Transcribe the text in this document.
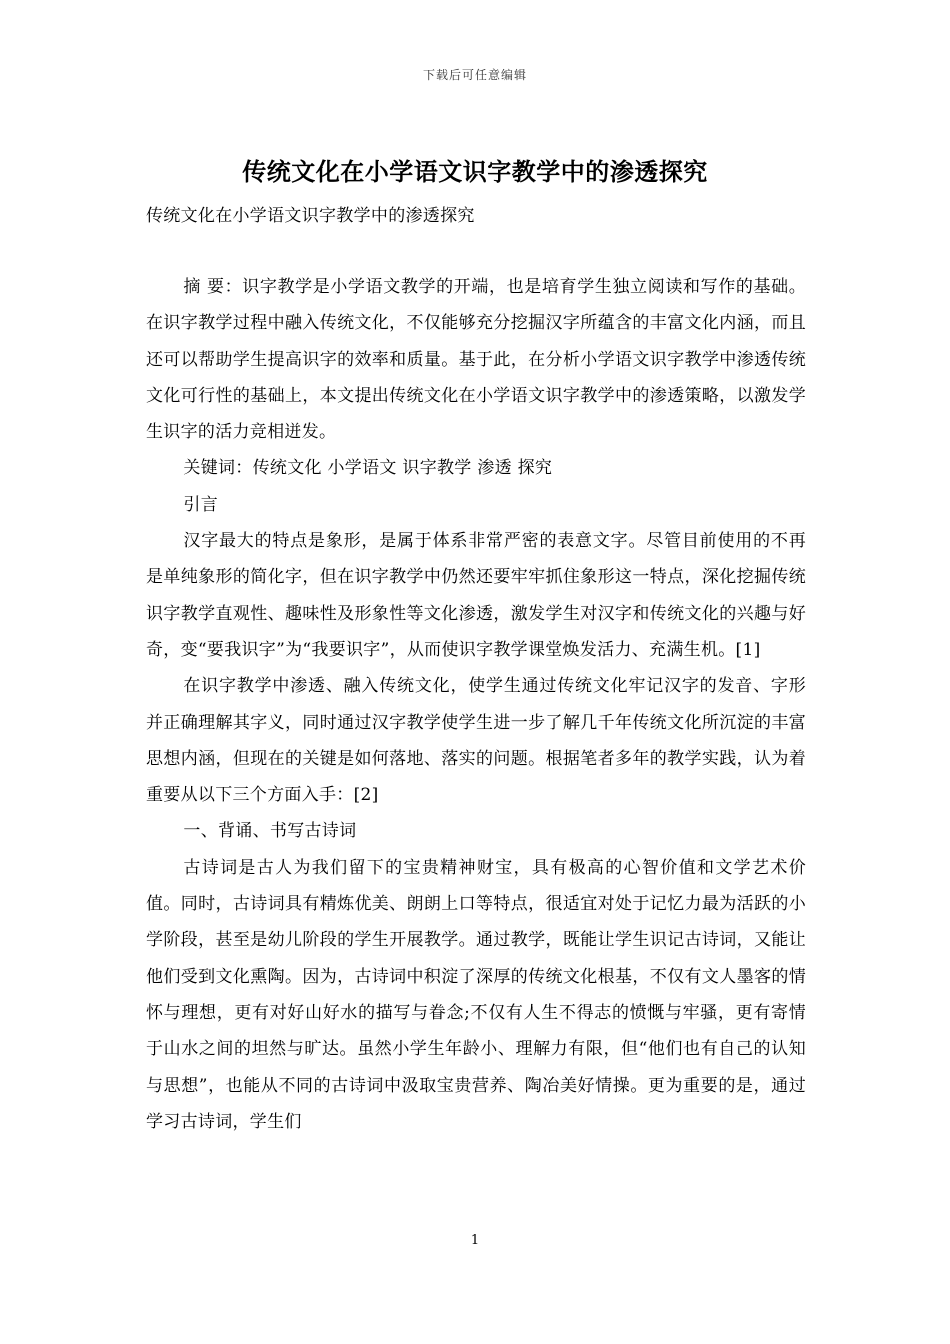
下载后可任意编辑
传统文化在小学语文识字教学中的渗透探究
传统文化在小学语文识字教学中的渗透探究

摘 要：识字教学是小学语文教学的开端，也是培育学生独立阅读和写作的基础。在识字教学过程中融入传统文化，不仅能够充分挖掘汉字所蕴含的丰富文化内涵，而且还可以帮助学生提高识字的效率和质量。基于此，在分析小学语文识字教学中渗透传统文化可行性的基础上，本文提出传统文化在小学语文识字教学中的渗透策略，以激发学生识字的活力竞相迸发。

关键词：传统文化 小学语文 识字教学 渗透 探究

引言

汉字最大的特点是象形，是属于体系非常严密的表意文字。尽管目前使用的不再是单纯象形的简化字，但在识字教学中仍然还要牢牢抓住象形这一特点，深化挖掘传统识字教学直观性、趣味性及形象性等文化渗透，激发学生对汉字和传统文化的兴趣与好奇，变“要我识字”为“我要识字”，从而使识字教学课堂焕发活力、充满生机。[1]

在识字教学中渗透、融入传统文化，使学生通过传统文化牢记汉字的发音、字形并正确理解其字义，同时通过汉字教学使学生进一步了解几千年传统文化所沉淀的丰富思想内涵，但现在的关键是如何落地、落实的问题。根据笔者多年的教学实践，认为着重要从以下三个方面入手：[2]

一、背诵、书写古诗词

古诗词是古人为我们留下的宝贵精神财宝，具有极高的心智价值和文学艺术价值。同时，古诗词具有精炼优美、朗朗上口等特点，很适宜对处于记忆力最为活跃的小学阶段，甚至是幼儿阶段的学生开展教学。通过教学，既能让学生识记古诗词，又能让他们受到文化熏陶。因为，古诗词中积淀了深厚的传统文化根基，不仅有文人墨客的情怀与理想，更有对好山好水的描写与眷念;不仅有人生不得志的愤慨与牢骚，更有寄情于山水之间的坦然与旷达。虽然小学生年龄小、理解力有限，但“他们也有自己的认知与思想”，也能从不同的古诗词中汲取宝贵营养、陶冶美好情操。更为重要的是，通过学习古诗词，学生们

1
